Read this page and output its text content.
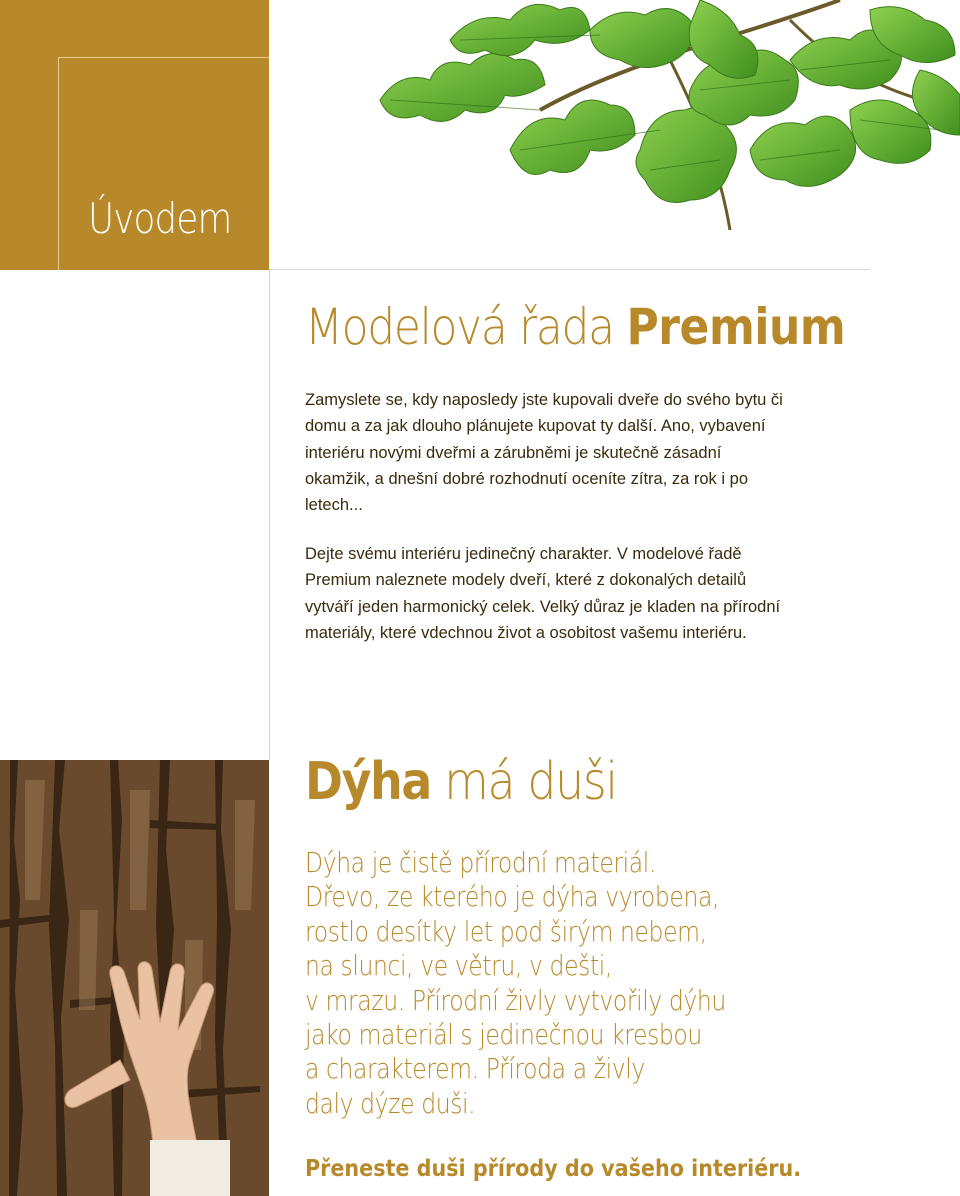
Úvodem
Modelová řada Premium

Zamyslete se, kdy naposledy jste kupovali dveře do svého bytu či domu a za jak dlouho plánujete kupovat ty další. Ano, vybavení interiéru novými dveřmi a zárubněmi je skutečně zásadní okamžik, a dnešní dobré rozhodnutí oceníte zítra, za rok i po letech...

Dejte svému interiéru jedinečný charakter. V modelové řadě Premium naleznete modely dveří, které z dokonalých detailů vytváří jeden harmonický celek. Velký důraz je kladen na přírodní materiály, které vdechnou život a osobitost vašemu interiéru.

Dýha má duši

Dýha je čistě přírodní materiál.
Dřevo, ze kterého je dýha vyrobena,
rostlo desítky let pod širým nebem,
na slunci, ve větru, v dešti,
v mrazu. Přírodní živly vytvořily dýhu
jako materiál s jedinečnou kresbou
a charakterem. Příroda a živly
daly dýze duši.

Přeneste duši přírody do vašeho interiéru.
